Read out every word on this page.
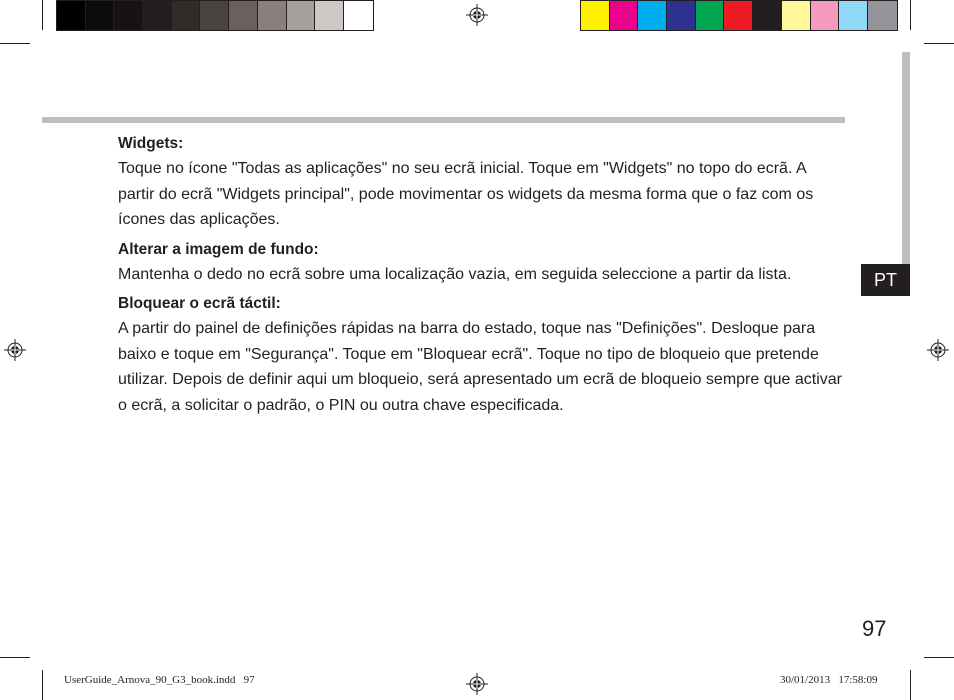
PT
Widgets:

Toque no ícone "Todas as aplicações" no seu ecrã inicial. Toque em "Widgets" no topo do ecrã. A partir do ecrã "Widgets principal", pode movimentar os widgets da mesma forma que o faz com os ícones das aplicações.

Alterar a imagem de fundo:

Mantenha o dedo no ecrã sobre uma localização vazia, em seguida seleccione a partir da lista.

Bloquear o ecrã táctil:

A partir do painel de definições rápidas na barra do estado, toque nas "Definições". Desloque para baixo e toque em "Segurança". Toque em "Bloquear ecrã". Toque no tipo de bloqueio que pretende utilizar. Depois de definir aqui um bloqueio, será apresentado um ecrã de bloqueio sempre que activar o ecrã, a solicitar o padrão, o PIN ou outra chave especificada.

97
UserGuide_Arnova_90_G3_book.indd   97	30/01/2013   17:58:09
